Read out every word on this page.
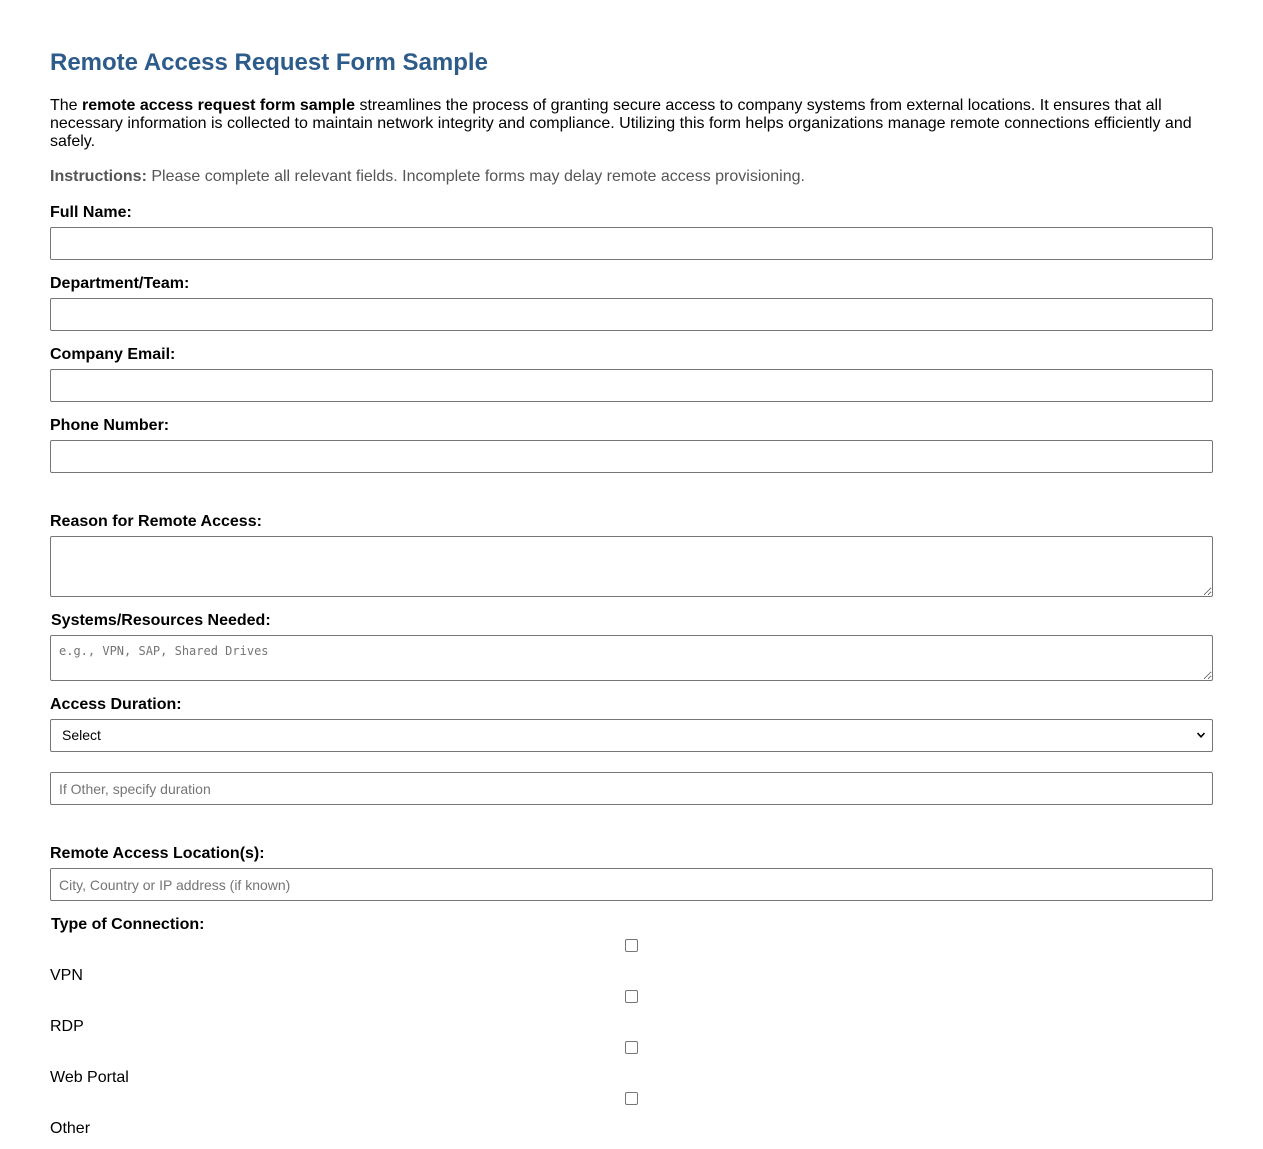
Remote Access Request Form Sample

The remote access request form sample streamlines the process of granting secure access to company systems from external locations. It ensures that all necessary information is collected to maintain network integrity and compliance. Utilizing this form helps organizations manage remote connections efficiently and safely.

Instructions: Please complete all relevant fields. Incomplete forms may delay remote access provisioning.

Full Name:
Department/Team:
Company Email:
Phone Number:
Reason for Remote Access:
Systems/Resources Needed:
e.g., VPN, SAP, Shared Drives
Access Duration:
Select
If Other, specify duration
Remote Access Location(s):
City, Country or IP address (if known)
Type of Connection:
VPN
RDP
Web Portal
Other
